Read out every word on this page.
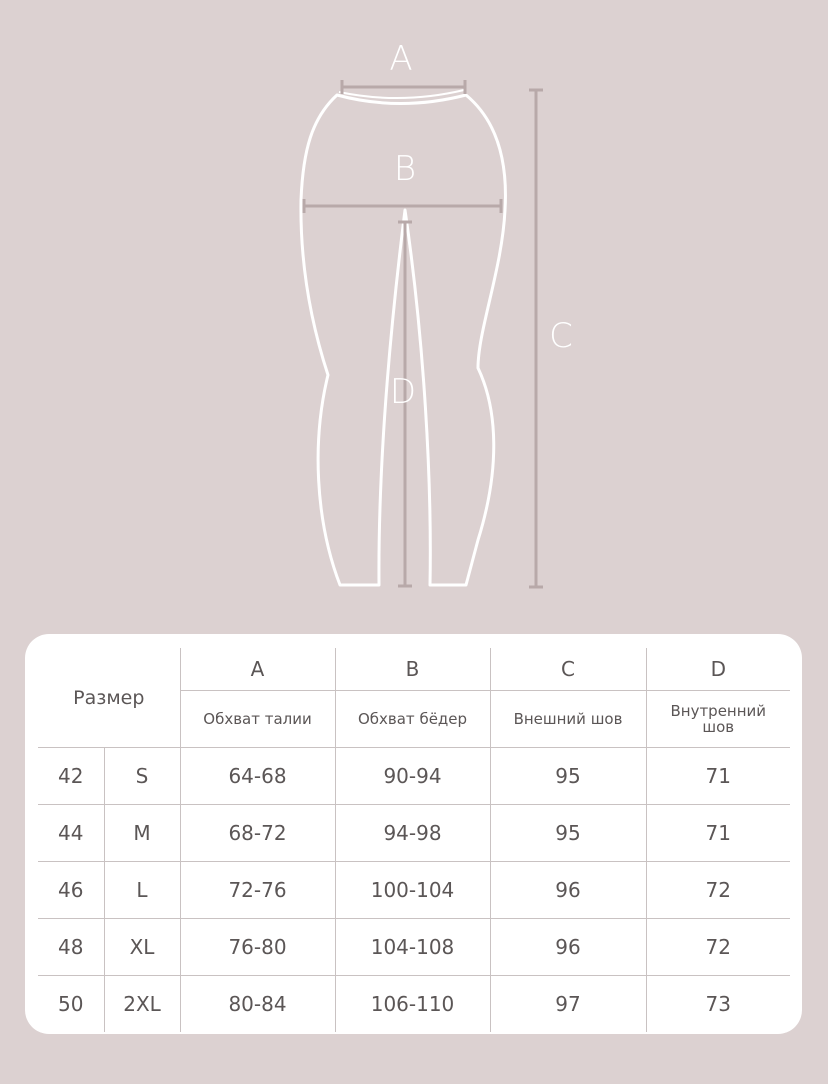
A
B
C
D
Размер		A	B	C	D
		Обхват талии	Обхват бёдер	Внешний шов	Внутренний шов
42	S	64-68	90-94	95	71
44	M	68-72	94-98	95	71
46	L	72-76	100-104	96	72
48	XL	76-80	104-108	96	72
50	2XL	80-84	106-110	97	73
